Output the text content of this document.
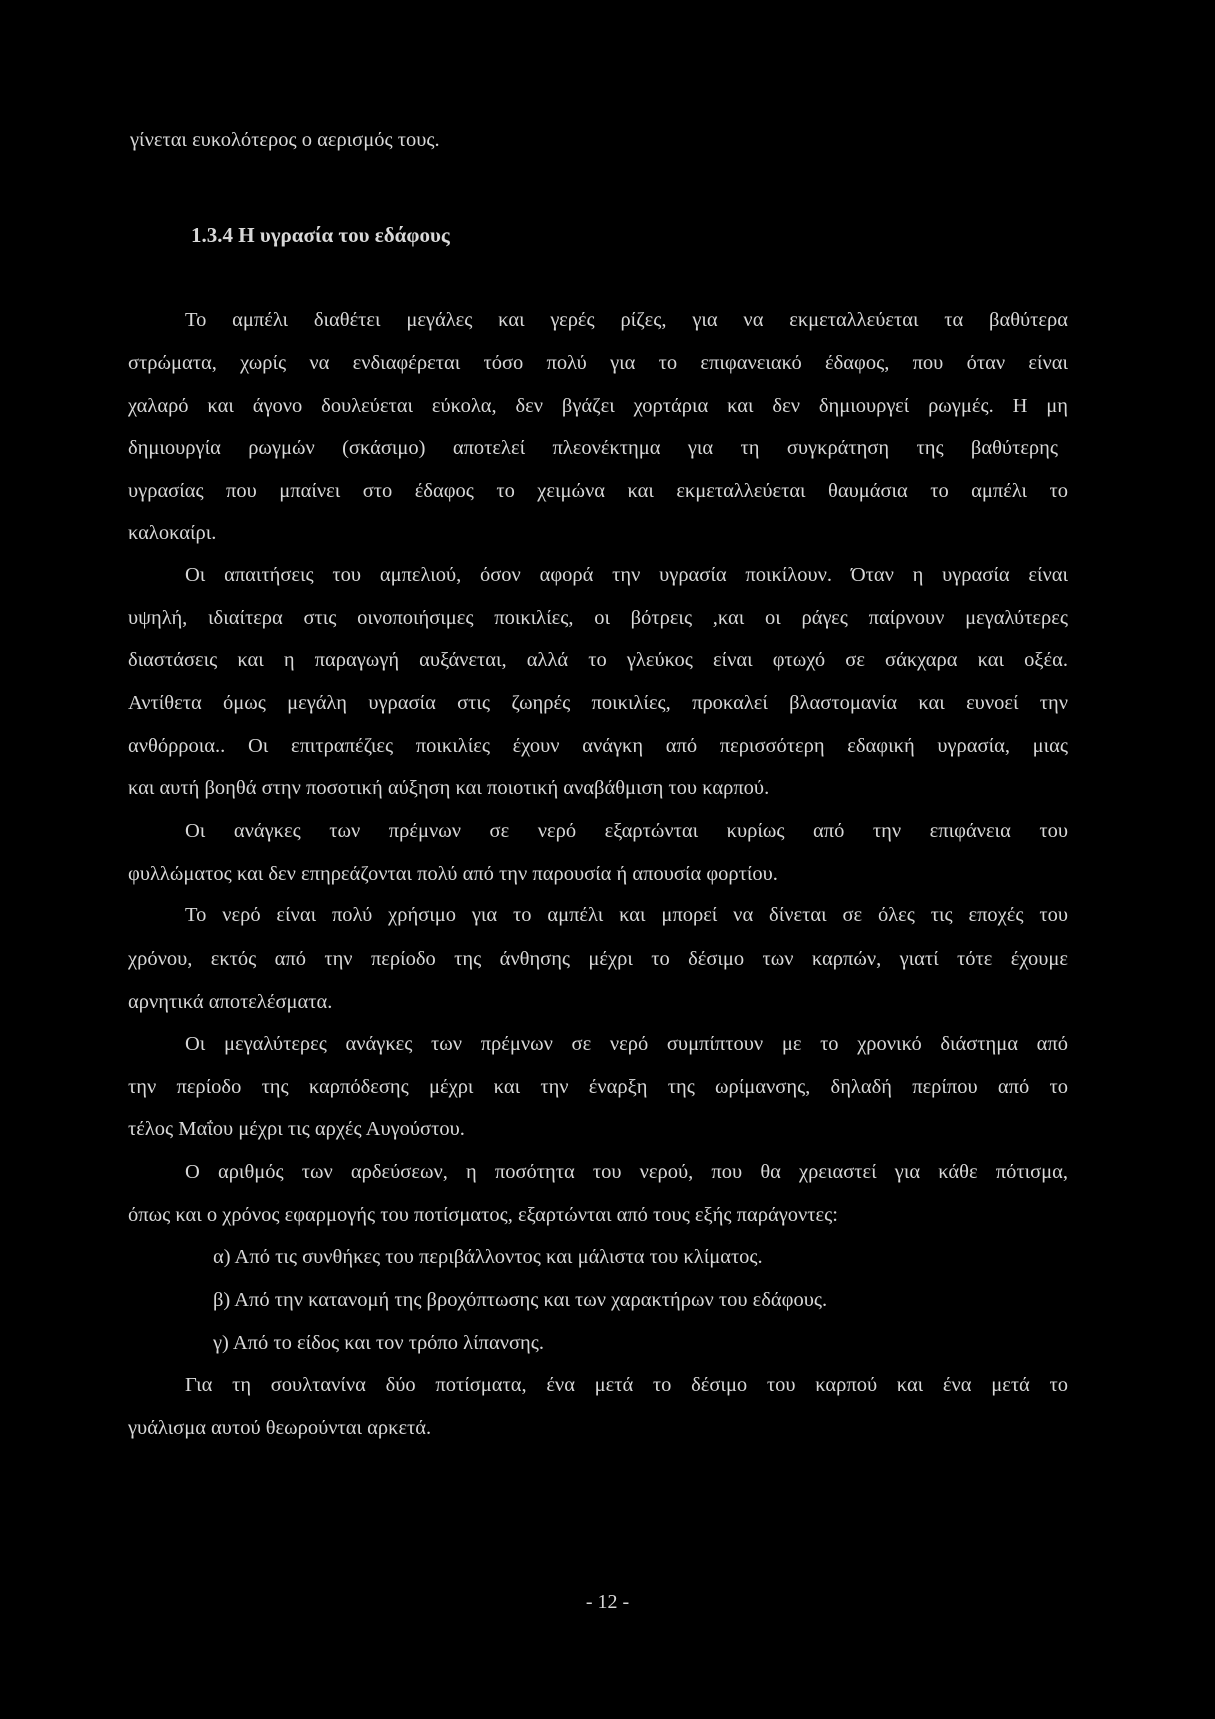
γίνεται ευκολότερος ο αερισμός τους.
1.3.4 Η υγρασία του εδάφους
Το αμπέλι διαθέτει μεγάλες και γερές ρίζες, για να εκμεταλλεύεται τα βαθύτερα
στρώματα, χωρίς να ενδιαφέρεται τόσο πολύ για το επιφανειακό έδαφος, που όταν είναι
χαλαρό και άγονο δουλεύεται εύκολα, δεν βγάζει χορτάρια και δεν δημιουργεί ρωγμές. Η μη
δημιουργία ρωγμών (σκάσιμο) αποτελεί πλεονέκτημα για τη συγκράτηση της βαθύτερης
υγρασίας που μπαίνει στο έδαφος το χειμώνα και εκμεταλλεύεται θαυμάσια το αμπέλι το
καλοκαίρι.
Οι απαιτήσεις του αμπελιού, όσον αφορά την υγρασία ποικίλουν. Όταν η υγρασία είναι
υψηλή, ιδιαίτερα στις οινοποιήσιμες ποικιλίες, οι βότρεις ,και οι ράγες παίρνουν μεγαλύτερες
διαστάσεις και η παραγωγή αυξάνεται, αλλά το γλεύκος είναι φτωχό σε σάκχαρα και οξέα.
Αντίθετα όμως μεγάλη υγρασία στις ζωηρές ποικιλίες, προκαλεί βλαστομανία και ευνοεί την
ανθόρροια.. Οι επιτραπέζιες ποικιλίες έχουν ανάγκη από περισσότερη εδαφική υγρασία, μιας
και αυτή βοηθά στην ποσοτική αύξηση και ποιοτική αναβάθμιση του καρπού.
Οι ανάγκες των πρέμνων σε νερό εξαρτώνται κυρίως από την επιφάνεια του
φυλλώματος και δεν επηρεάζονται πολύ από την παρουσία ή απουσία φορτίου.
Το νερό είναι πολύ χρήσιμο για το αμπέλι και μπορεί να δίνεται σε όλες τις εποχές του
χρόνου, εκτός από την περίοδο της άνθησης μέχρι το δέσιμο των καρπών, γιατί τότε έχουμε
αρνητικά αποτελέσματα.
Οι μεγαλύτερες ανάγκες των πρέμνων σε νερό συμπίπτουν με το χρονικό διάστημα από
την περίοδο της καρπόδεσης μέχρι και την έναρξη της ωρίμανσης, δηλαδή περίπου από το
τέλος Μαΐου μέχρι τις αρχές Αυγούστου.
Ο αριθμός των αρδεύσεων, η ποσότητα του νερού, που θα χρειαστεί για κάθε πότισμα,
όπως και ο χρόνος εφαρμογής του ποτίσματος, εξαρτώνται από τους εξής παράγοντες:
α) Από τις συνθήκες του περιβάλλοντος και μάλιστα του κλίματος.
β) Από την κατανομή της βροχόπτωσης και των χαρακτήρων του εδάφους.
γ) Από το είδος και τον τρόπο λίπανσης.
Για τη σουλτανίνα δύο ποτίσματα, ένα μετά το δέσιμο του καρπού και ένα μετά το
γυάλισμα αυτού θεωρούνται αρκετά.
- 12 -
